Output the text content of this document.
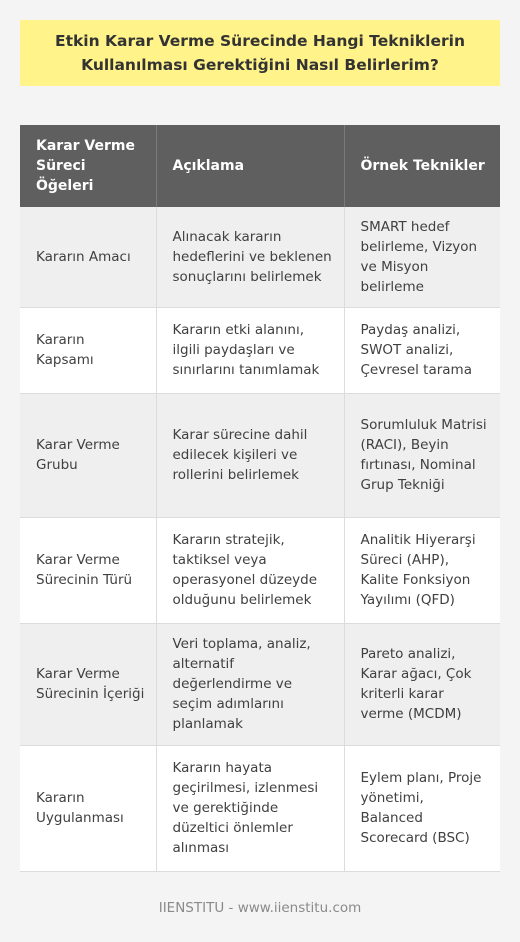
Etkin Karar Verme Sürecinde Hangi Tekniklerin Kullanılması Gerektiğini Nasıl Belirlerim?
Karar Verme Süreci Öğeleri	Açıklama	Örnek Teknikler
Kararın Amacı	Alınacak kararın hedeflerini ve beklenen sonuçlarını belirlemek	SMART hedef belirleme, Vizyon ve Misyon belirleme
Kararın Kapsamı	Kararın etki alanını, ilgili paydaşları ve sınırlarını tanımlamak	Paydaş analizi, SWOT analizi, Çevresel tarama
Karar Verme Grubu	Karar sürecine dahil edilecek kişileri ve rollerini belirlemek	Sorumluluk Matrisi (RACI), Beyin fırtınası, Nominal Grup Tekniği
Karar Verme Sürecinin Türü	Kararın stratejik, taktiksel veya operasyonel düzeyde olduğunu belirlemek	Analitik Hiyerarşi Süreci (AHP), Kalite Fonksiyon Yayılımı (QFD)
Karar Verme Sürecinin İçeriği	Veri toplama, analiz, alternatif değerlendirme ve seçim adımlarını planlamak	Pareto analizi, Karar ağacı, Çok kriterli karar verme (MCDM)
Kararın Uygulanması	Kararın hayata geçirilmesi, izlenmesi ve gerektiğinde düzeltici önlemler alınması	Eylem planı, Proje yönetimi, Balanced Scorecard (BSC)
IIENSTITU - www.iienstitu.com
